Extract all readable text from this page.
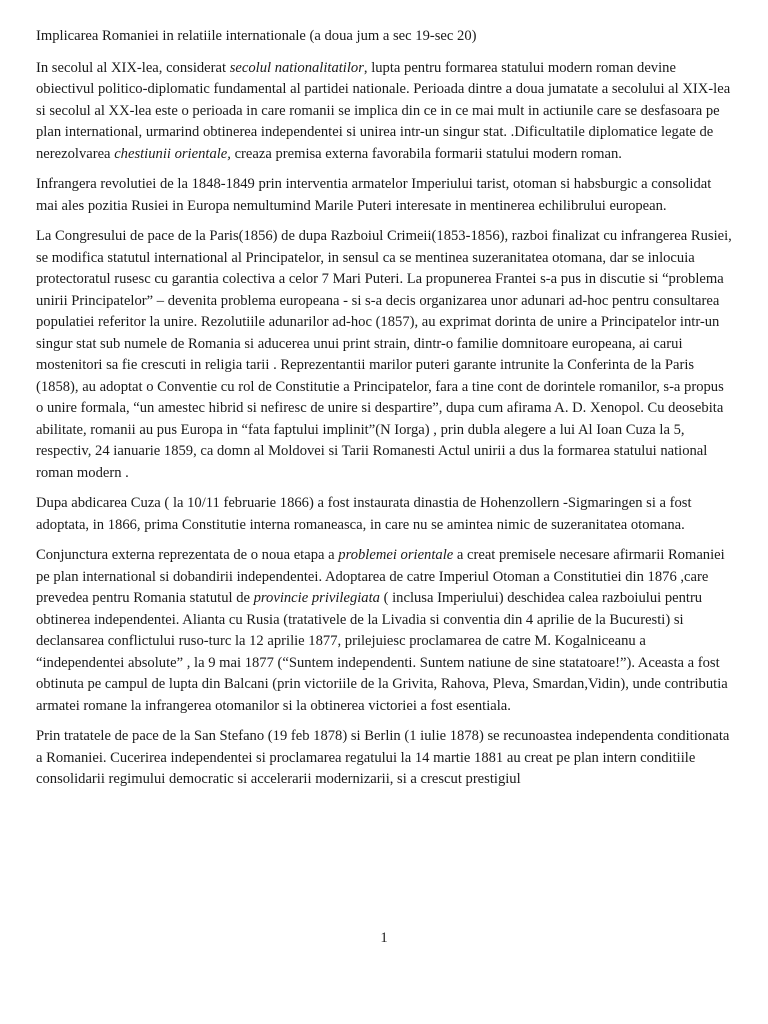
Implicarea Romaniei in relatiile internationale (a doua jum a sec 19-sec 20)

In secolul al XIX-lea, considerat secolul nationalitatilor, lupta pentru formarea statului modern roman devine obiectivul politico-diplomatic fundamental al partidei nationale. Perioada dintre a doua jumatate a secolului al XIX-lea si secolul al XX-lea este o perioada in care romanii se implica din ce in ce mai mult in actiunile care se desfasoara pe plan international, urmarind obtinerea independentei si unirea intr-un singur stat. .Dificultatile diplomatice legate de nerezolvarea chestiunii orientale, creaza premisa externa favorabila formarii statului modern roman.

Infrangera revolutiei de la 1848-1849 prin interventia armatelor Imperiului tarist, otoman si habsburgic a consolidat mai ales pozitia Rusiei in Europa nemultumind Marile Puteri interesate in mentinerea echilibrului european.

La Congresului de pace de la Paris(1856) de dupa Razboiul Crimeii(1853-1856), razboi finalizat cu infrangerea Rusiei, se modifica statutul international al Principatelor, in sensul ca se mentinea suzeranitatea otomana, dar se inlocuia protectoratul rusesc cu garantia colectiva a celor 7 Mari Puteri. La propunerea Frantei s-a pus in discutie si “problema unirii Principatelor” – devenita problema europeana - si s-a decis organizarea unor adunari ad-hoc pentru consultarea populatiei referitor la unire. Rezolutiile adunarilor ad-hoc (1857), au exprimat dorinta de unire a Principatelor intr-un singur stat sub numele de Romania si aducerea unui print strain, dintr-o familie domnitoare europeana, ai carui mostenitori sa fie crescuti in religia tarii . Reprezentantii marilor puteri garante intrunite la Conferinta de la Paris (1858), au adoptat o Conventie cu rol de Constitutie a Principatelor, fara a tine cont de dorintele romanilor, s-a propus o unire formala, “un amestec hibrid si nefiresc de unire si despartire”, dupa cum afirama A. D. Xenopol. Cu deosebita abilitate, romanii au pus Europa in “fata faptului implinit”(N Iorga) , prin dubla alegere a lui Al Ioan Cuza la 5, respectiv, 24 ianuarie 1859, ca domn al Moldovei si Tarii Romanesti Actul unirii a dus la formarea statului national roman modern .

Dupa abdicarea Cuza ( la 10/11 februarie 1866) a fost instaurata dinastia de Hohenzollern -Sigmaringen si a fost adoptata, in 1866, prima Constitutie interna romaneasca, in care nu se amintea nimic de suzeranitatea otomana.

Conjunctura externa reprezentata de o noua etapa a problemei orientale a creat premisele necesare afirmarii Romaniei pe plan international si dobandirii independentei. Adoptarea de catre Imperiul Otoman a Constitutiei din 1876 ,care prevedea pentru Romania statutul de provincie privilegiata ( inclusa Imperiului) deschidea calea razboiului pentru obtinerea independentei. Alianta cu Rusia (tratativele de la Livadia si conventia din 4 aprilie de la Bucuresti) si declansarea conflictului ruso-turc la 12 aprilie 1877, prilejuiesc proclamarea de catre M. Kogalniceanu a “independentei absolute” , la 9 mai 1877 (“Suntem independenti. Suntem natiune de sine statatoare!”). Aceasta a fost obtinuta pe campul de lupta din Balcani (prin victoriile de la Grivita, Rahova, Pleva, Smardan,Vidin), unde contributia armatei romane la infrangerea otomanilor si la obtinerea victoriei a fost esentiala.

Prin tratatele de pace de la San Stefano (19 feb 1878) si Berlin (1 iulie 1878) se recunoastea independenta conditionata a Romaniei. Cucerirea independentei si proclamarea regatului la 14 martie 1881 au creat pe plan intern conditiile consolidarii regimului democratic si accelerarii modernizarii, si a crescut prestigiul

1
